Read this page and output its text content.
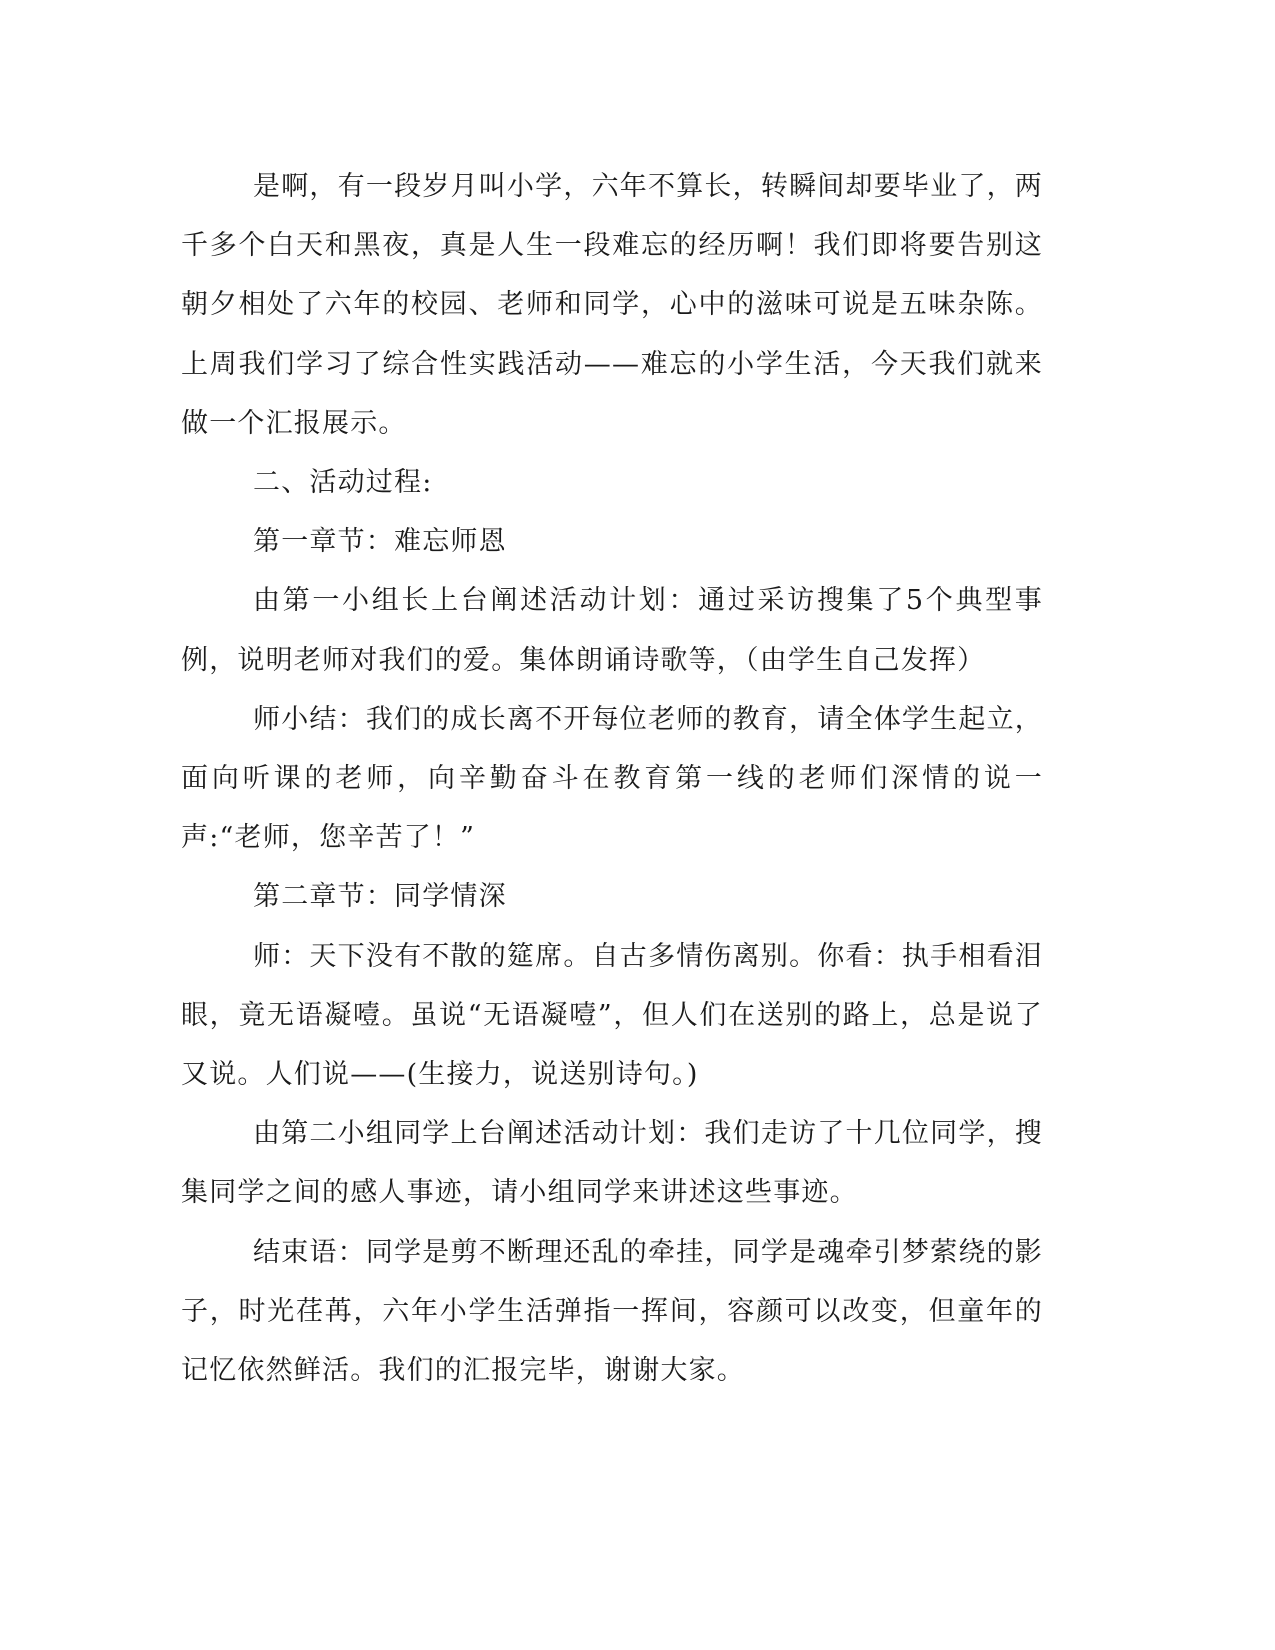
是啊，有一段岁月叫小学，六年不算长，转瞬间却要毕业了，两千多个白天和黑夜，真是人生一段难忘的经历啊！我们即将要告别这朝夕相处了六年的校园、老师和同学，心中的滋味可说是五味杂陈。上周我们学习了综合性实践活动——难忘的小学生活，今天我们就来做一个汇报展示。

二、活动过程:

第一章节：难忘师恩

由第一小组长上台阐述活动计划：通过采访搜集了5个典型事例，说明老师对我们的爱。集体朗诵诗歌等，（由学生自己发挥）

师小结：我们的成长离不开每位老师的教育，请全体学生起立，面向听课的老师，向辛勤奋斗在教育第一线的老师们深情的说一声:“老师，您辛苦了！”

第二章节：同学情深

师：天下没有不散的筵席。自古多情伤离别。你看：执手相看泪眼，竟无语凝噎。虽说“无语凝噎”，但人们在送别的路上，总是说了又说。人们说——(生接力，说送别诗句。)

由第二小组同学上台阐述活动计划：我们走访了十几位同学，搜集同学之间的感人事迹，请小组同学来讲述这些事迹。

结束语：同学是剪不断理还乱的牵挂，同学是魂牵引梦萦绕的影子，时光荏苒，六年小学生活弹指一挥间，容颜可以改变，但童年的记忆依然鲜活。我们的汇报完毕，谢谢大家。
